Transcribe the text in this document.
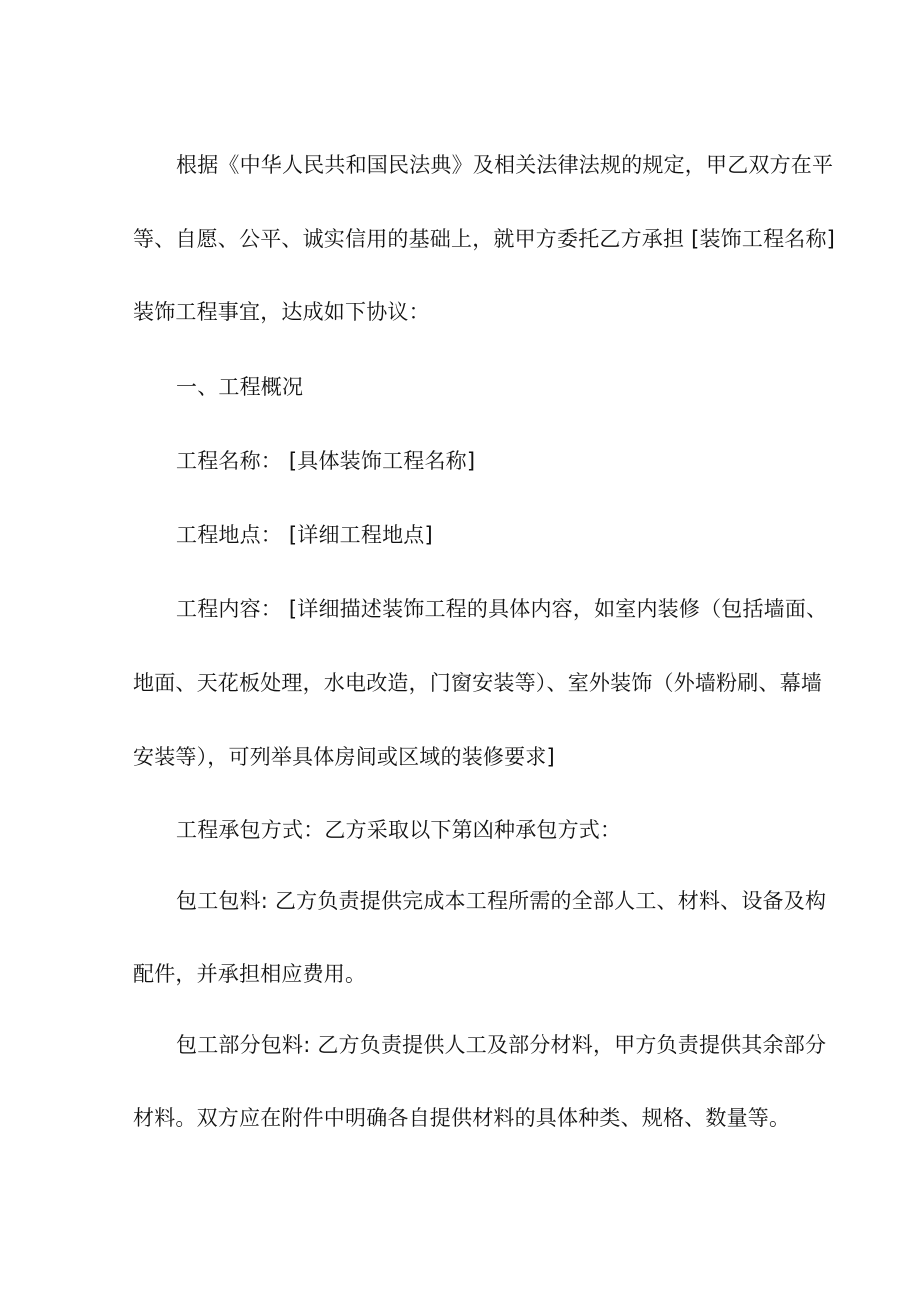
根据《中华人民共和国民法典》及相关法律法规的规定，甲乙双方在平
等、自愿、公平、诚实信用的基础上，就甲方委托乙方承担 [装饰工程名称]
装饰工程事宜，达成如下协议：
一、工程概况
工程名称： [具体装饰工程名称]
工程地点： [详细工程地点]
工程内容： [详细描述装饰工程的具体内容，如室内装修（包括墙面、
地面、天花板处理，水电改造，门窗安装等）、室外装饰（外墙粉刷、幕墙
安装等），可列举具体房间或区域的装修要求]
工程承包方式：乙方采取以下第凶种承包方式：
包工包料: 乙方负责提供完成本工程所需的全部人工、材料、设备及构
配件，并承担相应费用。
包工部分包料: 乙方负责提供人工及部分材料，甲方负责提供其余部分
材料。双方应在附件中明确各自提供材料的具体种类、规格、数量等。
